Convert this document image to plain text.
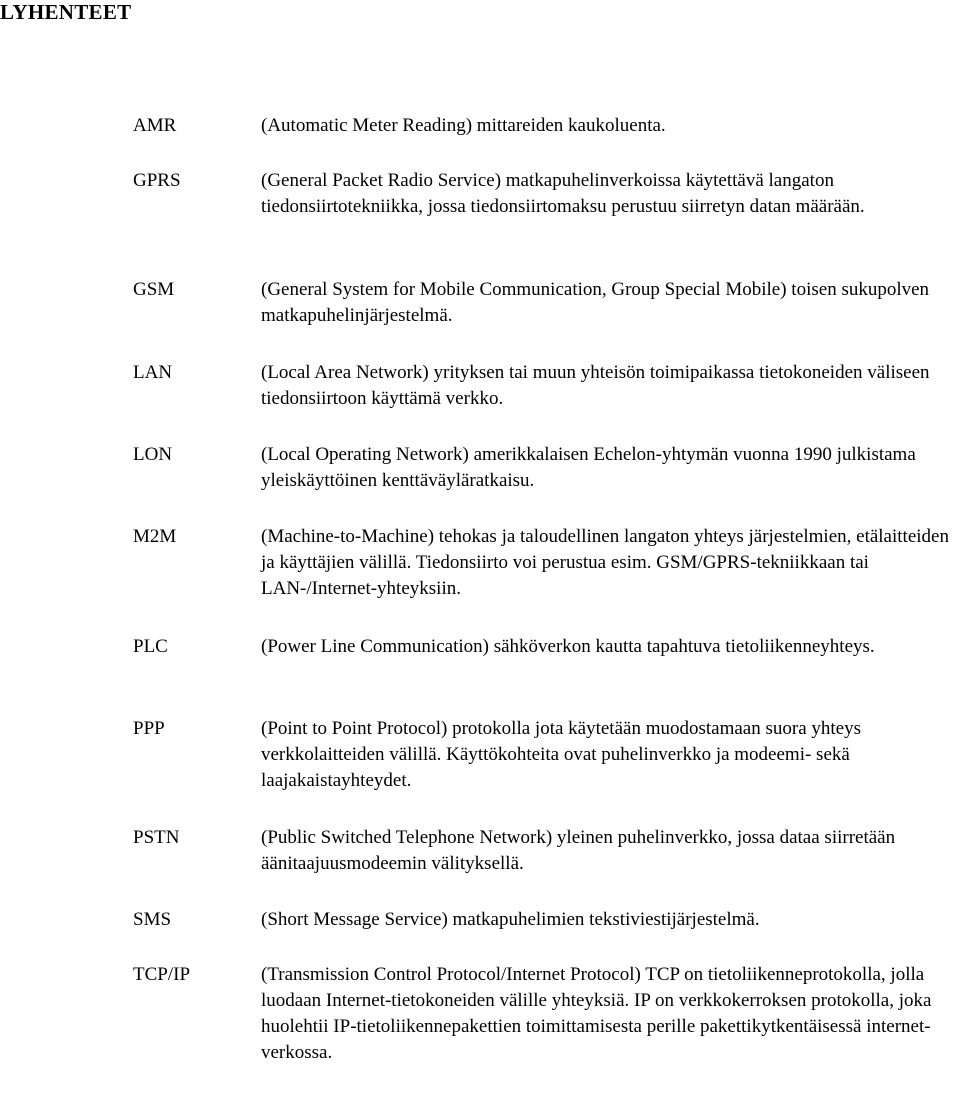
LYHENTEET
AMR	(Automatic Meter Reading) mittareiden kaukoluenta.
GPRS	(General Packet Radio Service) matkapuhelinverkoissa käytettävä langaton tiedonsiirtotekniikka, jossa tiedonsiirtomaksu perustuu siirretyn datan määrään.
GSM	(General System for Mobile Communication, Group Special Mobile) toisen sukupolven matkapuhelinjärjestelmä.
LAN	(Local Area Network) yrityksen tai muun yhteisön toimipaikassa tietokoneiden väliseen tiedonsiirtoon käyttämä verkko.
LON	(Local Operating Network) amerikkalaisen Echelon-yhtymän vuonna 1990 julkistama yleiskäyttöinen kenttäväyläratkaisu.
M2M	(Machine-to-Machine) tehokas ja taloudellinen langaton yhteys järjestelmien, etälaitteiden ja käyttäjien välillä. Tiedonsiirto voi perustua esim. GSM/GPRS-tekniikkaan tai LAN-/Internet-yhteyksiin.
PLC	(Power Line Communication) sähköverkon kautta tapahtuva tietoliikenneyhteys.
PPP	(Point to Point Protocol) protokolla jota käytetään muodostamaan suora yhteys verkkolaitteiden välillä. Käyttökohteita ovat puhelinverkko ja modeemi- sekä laajakaistayhteydet.
PSTN	(Public Switched Telephone Network) yleinen puhelinverkko, jossa dataa siirretään äänitaajuusmodeemin välityksellä.
SMS	(Short Message Service) matkapuhelimien tekstiviestijärjestelmä.
TCP/IP	(Transmission Control Protocol/Internet Protocol) TCP on tietoliikenneprotokolla, jolla luodaan Internet-tietokoneiden välille yhteyksiä. IP on verkkokerroksen protokolla, joka huolehtii IP-tietoliikennepakettien toimittamisesta perille pakettikytkentäisessä internet-verkossa.
